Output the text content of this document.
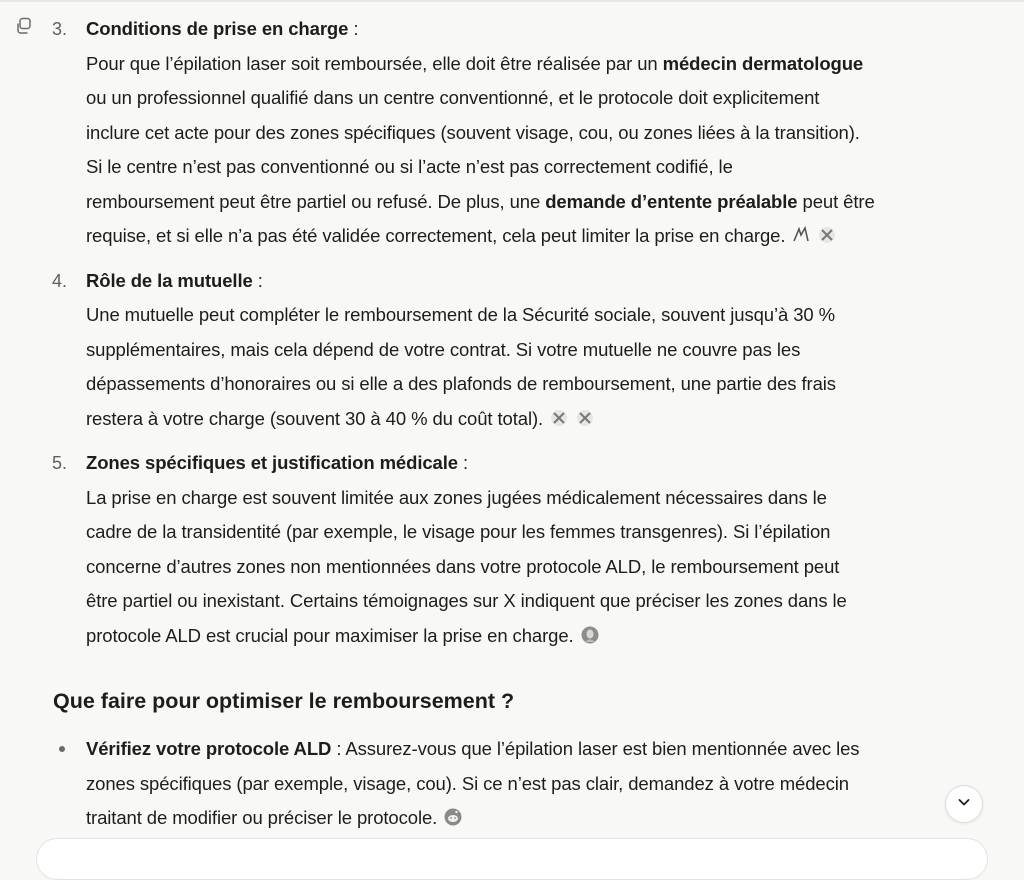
3. Conditions de prise en charge :
Pour que l’épilation laser soit remboursée, elle doit être réalisée par un médecin dermatologue
ou un professionnel qualifié dans un centre conventionné, et le protocole doit explicitement
inclure cet acte pour des zones spécifiques (souvent visage, cou, ou zones liées à la transition).
Si le centre n’est pas conventionné ou si l’acte n’est pas correctement codifié, le
remboursement peut être partiel ou refusé. De plus, une demande d’entente préalable peut être
requise, et si elle n’a pas été validée correctement, cela peut limiter la prise en charge.
4. Rôle de la mutuelle :
Une mutuelle peut compléter le remboursement de la Sécurité sociale, souvent jusqu’à 30 %
supplémentaires, mais cela dépend de votre contrat. Si votre mutuelle ne couvre pas les
dépassements d’honoraires ou si elle a des plafonds de remboursement, une partie des frais
restera à votre charge (souvent 30 à 40 % du coût total).
5. Zones spécifiques et justification médicale :
La prise en charge est souvent limitée aux zones jugées médicalement nécessaires dans le
cadre de la transidentité (par exemple, le visage pour les femmes transgenres). Si l’épilation
concerne d’autres zones non mentionnées dans votre protocole ALD, le remboursement peut
être partiel ou inexistant. Certains témoignages sur X indiquent que préciser les zones dans le
protocole ALD est crucial pour maximiser la prise en charge.
Que faire pour optimiser le remboursement ?
Vérifiez votre protocole ALD : Assurez-vous que l’épilation laser est bien mentionnée avec les
zones spécifiques (par exemple, visage, cou). Si ce n’est pas clair, demandez à votre médecin
traitant de modifier ou préciser le protocole.
